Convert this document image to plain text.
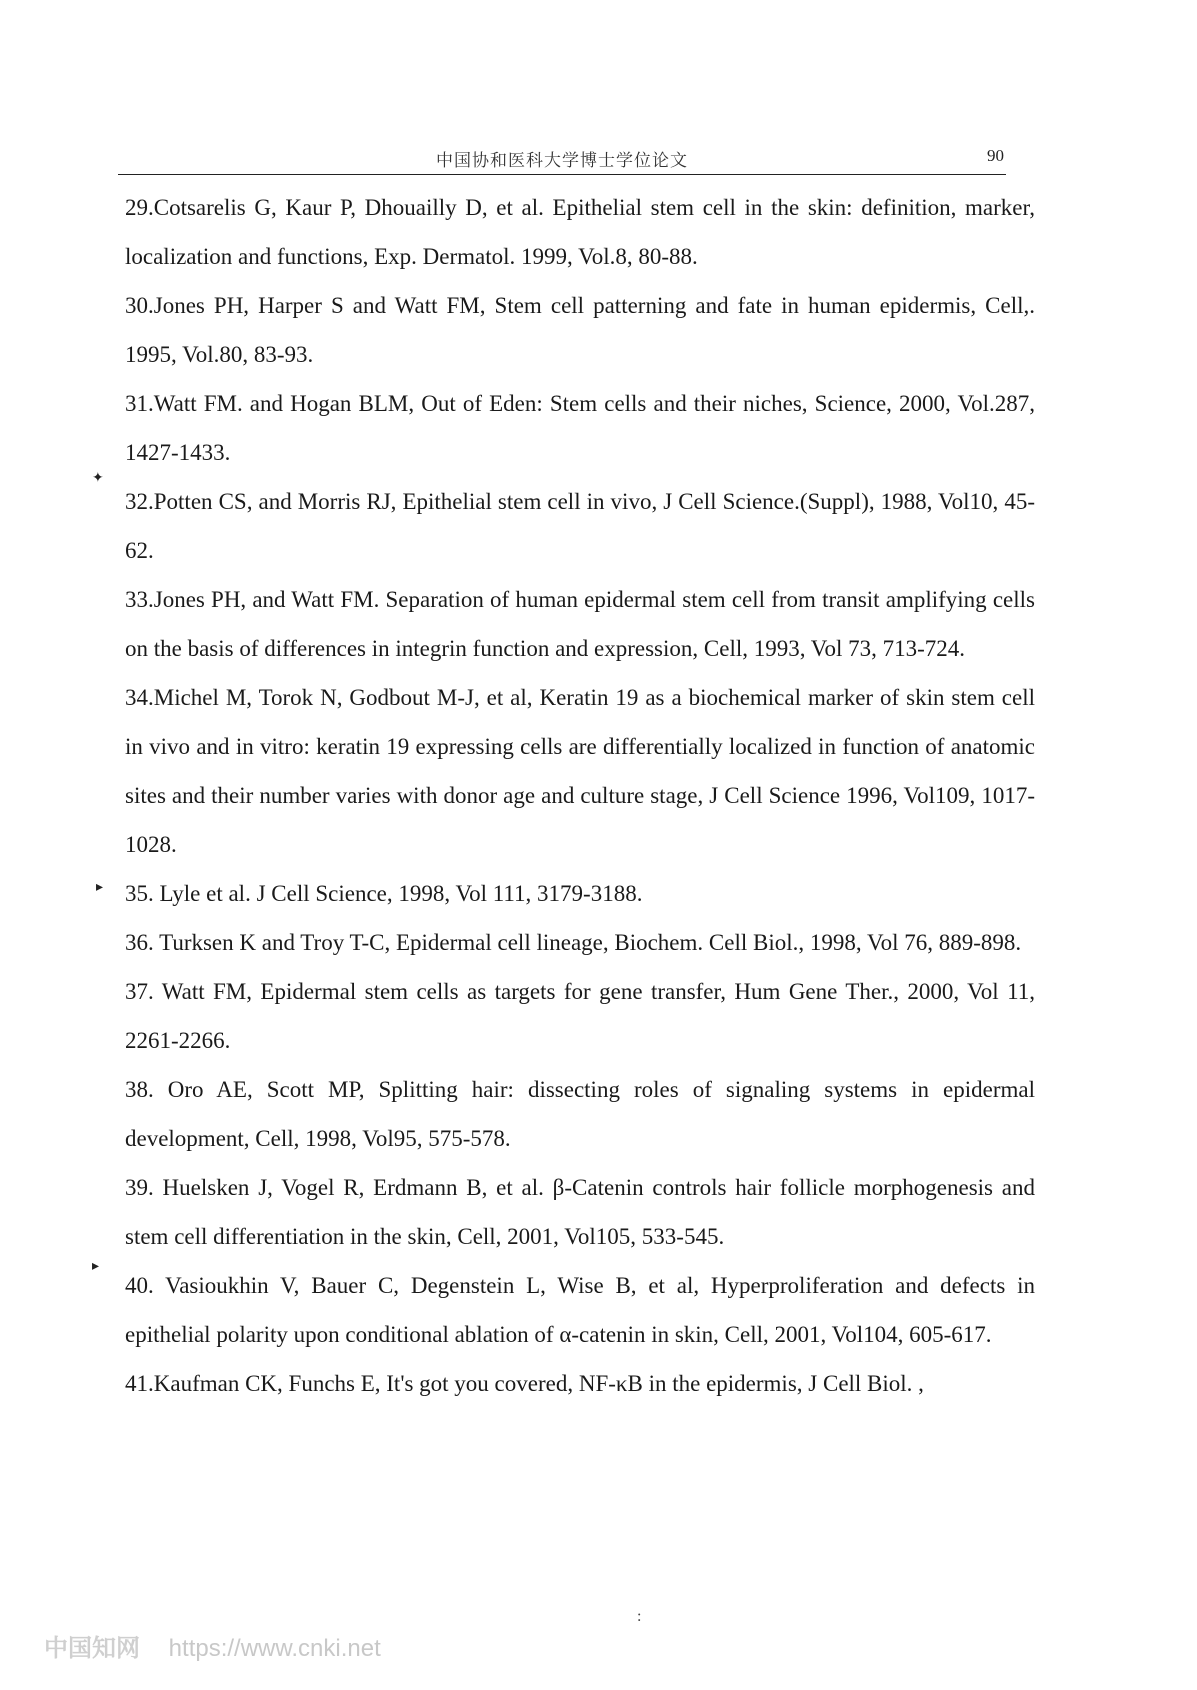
中国协和医科大学博士学位论文	90
29.Cotsarelis G, Kaur P, Dhouailly D, et al. Epithelial stem cell in the skin: definition, marker, localization and functions, Exp. Dermatol. 1999, Vol.8, 80-88.
30.Jones PH, Harper S and Watt FM, Stem cell patterning and fate in human epidermis, Cell,. 1995, Vol.80, 83-93.
31.Watt FM. and Hogan BLM, Out of Eden: Stem cells and their niches, Science, 2000, Vol.287, 1427-1433.
32.Potten CS, and Morris RJ, Epithelial stem cell in vivo, J Cell Science.(Suppl), 1988, Vol10, 45-62.
33.Jones PH, and Watt FM. Separation of human epidermal stem cell from transit amplifying cells on the basis of differences in integrin function and expression, Cell, 1993, Vol 73, 713-724.
34.Michel M, Torok N, Godbout M-J, et al, Keratin 19 as a biochemical marker of skin stem cell in vivo and in vitro: keratin 19 expressing cells are differentially localized in function of anatomic sites and their number varies with donor age and culture stage, J Cell Science 1996, Vol109, 1017-1028.
35. Lyle et al. J Cell Science, 1998, Vol 111, 3179-3188.
36. Turksen K and Troy T-C, Epidermal cell lineage, Biochem. Cell Biol., 1998, Vol 76, 889-898.
37. Watt FM, Epidermal stem cells as targets for gene transfer, Hum Gene Ther., 2000, Vol 11, 2261-2266.
38. Oro AE, Scott MP, Splitting hair: dissecting roles of signaling systems in epidermal development, Cell, 1998, Vol95, 575-578.
39. Huelsken J, Vogel R, Erdmann B, et al. β-Catenin controls hair follicle morphogenesis and stem cell differentiation in the skin, Cell, 2001, Vol105, 533-545.
40. Vasioukhin V, Bauer C, Degenstein L, Wise B, et al, Hyperproliferation and defects in epithelial polarity upon conditional ablation of α-catenin in skin, Cell, 2001, Vol104, 605-617.
41.Kaufman CK, Funchs E, It's got you covered, NF-κB in the epidermis, J Cell Biol. ,
✦
▸
▸
:
中国知网 https://www.cnki.net
